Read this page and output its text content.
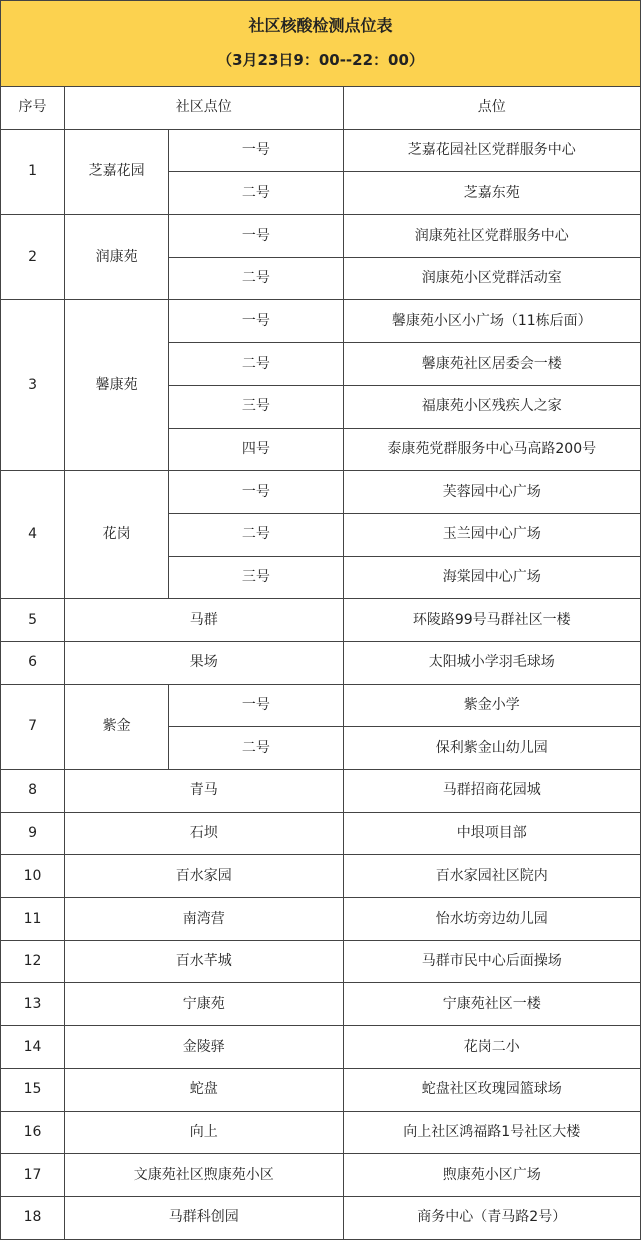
社区核酸检测点位表
（3月23日9：00--22：00）
序号	社区点位		点位
1	芝嘉花园	一号	芝嘉花园社区党群服务中心
		二号	芝嘉东苑
2	润康苑	一号	润康苑社区党群服务中心
		二号	润康苑小区党群活动室
3	馨康苑	一号	馨康苑小区小广场（11栋后面）
		二号	馨康苑社区居委会一楼
		三号	福康苑小区残疾人之家
		四号	泰康苑党群服务中心马高路200号
4	花岗	一号	芙蓉园中心广场
		二号	玉兰园中心广场
		三号	海棠园中心广场
5	马群		环陵路99号马群社区一楼
6	果场		太阳城小学羽毛球场
7	紫金	一号	紫金小学
		二号	保利紫金山幼儿园
8	青马		马群招商花园城
9	石坝		中垠项目部
10	百水家园		百水家园社区院内
11	南湾营		怡水坊旁边幼儿园
12	百水芊城		马群市民中心后面操场
13	宁康苑		宁康苑社区一楼
14	金陵驿		花岗二小
15	蛇盘		蛇盘社区玫瑰园篮球场
16	向上		向上社区鸿福路1号社区大楼
17	文康苑社区煦康苑小区		煦康苑小区广场
18	马群科创园		商务中心（青马路2号）
